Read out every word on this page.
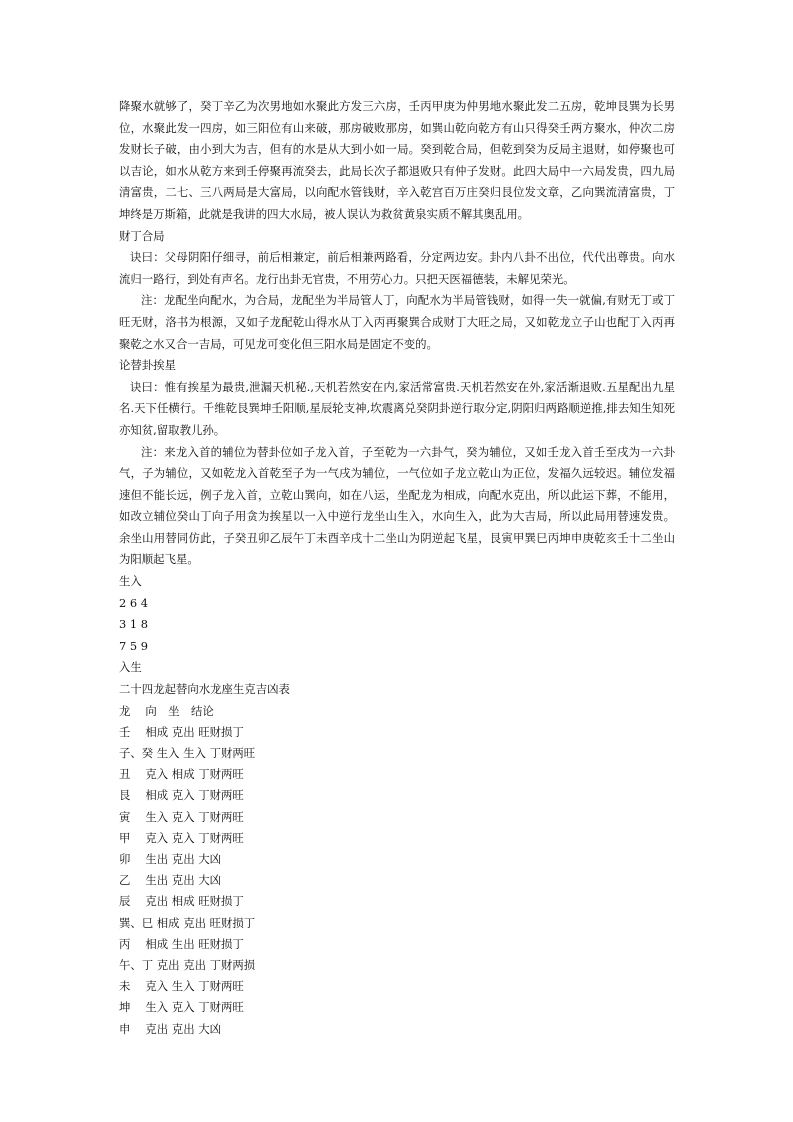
降聚水就够了，癸丁辛乙为次男地如水聚此方发三六房，壬丙甲庚为仲男地水聚此发二五房，乾坤艮巽为长男位，水聚此发一四房，如三阳位有山来破，那房破败那房，如巽山乾向乾方有山只得癸壬两方聚水，仲次二房发财长子破，由小到大为吉，但有的水是从大到小如一局。癸到乾合局，但乾到癸为反局主退财，如停聚也可以吉论，如水从乾方来到壬停聚再流癸去，此局长次子都退败只有仲子发财。此四大局中一六局发贵，四九局清富贵，二七、三八两局是大富局，以向配水管钱财，辛入乾宫百万庄癸归艮位发文章，乙向巽流清富贵，丁坤终是万斯箱，此就是我讲的四大水局，被人误认为救贫黄泉实质不解其奥乱用。

财丁合局

诀曰：父母阴阳仔细寻，前后相兼定，前后相兼两路看，分定两边安。卦内八卦不出位，代代出尊贵。向水流归一路行，到处有声名。龙行出卦无官贵，不用劳心力。只把天医福德装，未解见荣光。

注：龙配坐向配水，为合局，龙配坐为半局管人丁，向配水为半局管钱财，如得一失一就偏,有财无丁或丁旺无财，洛书为根源，又如子龙配乾山得水从丁入丙再聚巽合成财丁大旺之局，又如乾龙立子山也配丁入丙再聚乾之水又合一吉局，可见龙可变化但三阳水局是固定不变的。

论替卦挨星

诀曰：惟有挨星为最贵,泄漏天机秘.,天机若然安在内,家活常富贵.天机若然安在外,家活渐退败.五星配出九星名.天下任横行。千维乾艮巽坤壬阳顺,星辰轮支神,坎震离兑癸阴卦逆行取分定,阴阳归两路顺逆推,排去知生知死亦知贫,留取教儿孙。

注：来龙入首的辅位为替卦位如子龙入首，子至乾为一六卦气，癸为辅位，又如壬龙入首壬至戌为一六卦气，子为辅位，又如乾龙入首乾至子为一气戌为辅位，一气位如子龙立乾山为正位，发福久远较迟。辅位发福速但不能长远，例子龙入首，立乾山巽向，如在八运，坐配龙为相成，向配水克出，所以此运下葬，不能用，如改立辅位癸山丁向子用贪为挨星以一入中逆行龙坐山生入，水向生入，此为大吉局，所以此局用替速发贵。余坐山用替同仿此，子癸丑卯乙辰午丁未酉辛戌十二坐山为阴逆起飞星，艮寅甲巽巳丙坤申庚乾亥壬十二坐山为阳顺起飞星。

生入

2 6 4

3 1 8

7 5 9

入生

二十四龙起替向水龙座生克吉凶表

龙　 向　坐　结论

壬　 相成 克出 旺财损丁

子、癸 生入 生入 丁财两旺

丑　 克入 相成 丁财两旺

艮　 相成 克入 丁财两旺

寅　 生入 克入 丁财两旺

甲　 克入 克入 丁财两旺

卯　 生出 克出 大凶

乙　 生出 克出 大凶

辰　 克出 相成 旺财损丁

巽、巳 相成 克出 旺财损丁

丙　 相成 生出 旺财损丁

午、丁 克出 克出 丁财两损

未　 克入 生入 丁财两旺

坤　 生入 克入 丁财两旺

申　 克出 克出 大凶
